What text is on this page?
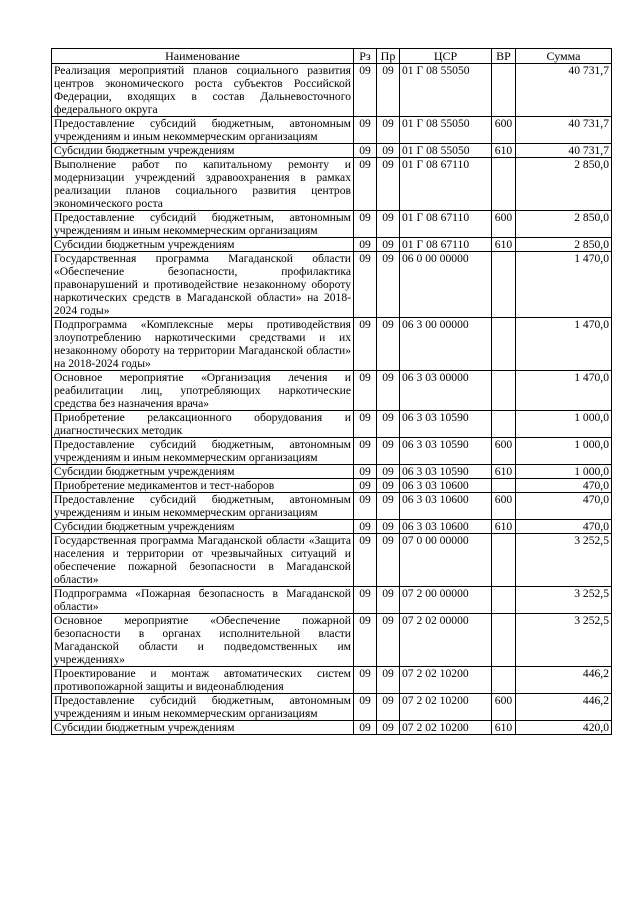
Наименование	Рз	Пр	ЦСР	ВР	Сумма
Реализация мероприятий планов социального развития центров экономического роста субъектов Российской Федерации, входящих в состав Дальневосточного федерального округа	09	09	01 Г 08 55050		40 731,7
Предоставление субсидий бюджетным, автономным учреждениям и иным некоммерческим организациям	09	09	01 Г 08 55050	600	40 731,7
Субсидии бюджетным учреждениям	09	09	01 Г 08 55050	610	40 731,7
Выполнение работ по капитальному ремонту и модернизации учреждений здравоохранения в рамках реализации планов социального развития центров экономического роста	09	09	01 Г 08 67110		2 850,0
Предоставление субсидий бюджетным, автономным учреждениям и иным некоммерческим организациям	09	09	01 Г 08 67110	600	2 850,0
Субсидии бюджетным учреждениям	09	09	01 Г 08 67110	610	2 850,0
Государственная программа Магаданской области «Обеспечение безопасности, профилактика правонарушений и противодействие незаконному обороту наркотических средств в Магаданской области» на 2018-2024 годы»	09	09	06 0 00 00000		1 470,0
Подпрограмма «Комплексные меры противодействия злоупотреблению наркотическими средствами и их незаконному обороту на территории Магаданской области» на 2018-2024 годы»	09	09	06 3 00 00000		1 470,0
Основное мероприятие «Организация лечения и реабилитации лиц, употребляющих наркотические средства без назначения врача»	09	09	06 3 03 00000		1 470,0
Приобретение релаксационного оборудования и диагностических методик	09	09	06 3 03 10590		1 000,0
Предоставление субсидий бюджетным, автономным учреждениям и иным некоммерческим организациям	09	09	06 3 03 10590	600	1 000,0
Субсидии бюджетным учреждениям	09	09	06 3 03 10590	610	1 000,0
Приобретение медикаментов и тест-наборов	09	09	06 3 03 10600		470,0
Предоставление субсидий бюджетным, автономным учреждениям и иным некоммерческим организациям	09	09	06 3 03 10600	600	470,0
Субсидии бюджетным учреждениям	09	09	06 3 03 10600	610	470,0
Государственная программа Магаданской области «Защита населения и территории от чрезвычайных ситуаций и обеспечение пожарной безопасности в Магаданской области»	09	09	07 0 00 00000		3 252,5
Подпрограмма «Пожарная безопасность в Магаданской области»	09	09	07 2 00 00000		3 252,5
Основное мероприятие «Обеспечение пожарной безопасности в органах исполнительной власти Магаданской области и подведомственных им учреждениях»	09	09	07 2 02 00000		3 252,5
Проектирование и монтаж автоматических систем противопожарной защиты и видеонаблюдения	09	09	07 2 02 10200		446,2
Предоставление субсидий бюджетным, автономным учреждениям и иным некоммерческим организациям	09	09	07 2 02 10200	600	446,2
Субсидии бюджетным учреждениям	09	09	07 2 02 10200	610	420,0
